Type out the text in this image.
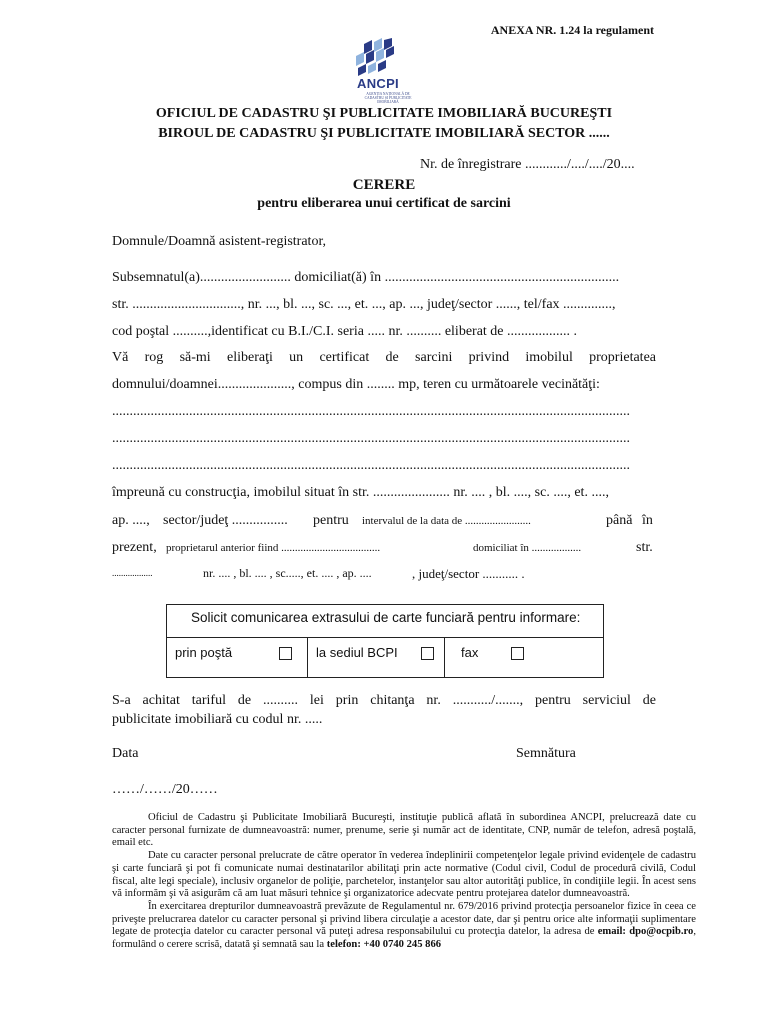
ANEXA NR. 1.24 la regulament
ANCPI
AGENȚIA NAȚIONALĂ DE CADASTRU ȘI PUBLICITATE IMOBILIARĂ
OFICIUL DE CADASTRU ŞI PUBLICITATE IMOBILIARĂ BUCUREŞTI
BIROUL DE CADASTRU ŞI PUBLICITATE IMOBILIARĂ SECTOR ......
Nr. de înregistrare ............/..../..../20....
CERERE
pentru eliberarea unui certificat de sarcini
Domnule/Doamnă asistent-registrator,
Subsemnatul(a).......................... domiciliat(ă) în ...................................................................
str. ..............................., nr. ..., bl. ..., sc. ..., et. ..., ap. ..., judeţ/sector ......, tel/fax ..............,
cod poştal ..........,identificat cu B.I./C.I. seria ..... nr. .......... eliberat de .................. .
Vă rog să-mi eliberaţi un certificat de sarcini privind imobilul proprietatea
domnului/doamnei....................., compus din ........ mp, teren cu următoarele vecinătăţi:
....................................................................................................................................................
....................................................................................................................................................
....................................................................................................................................................
împreună cu construcţia, imobilul situat în str. ...................... nr. .... , bl. ...., sc. ...., et. ....,
ap. ...., sector/judeţ ................ pentru intervalul de la data de ........................	până în
prezent, proprietarul anterior fiind ....................................	domiciliat în ..................	str.
..................	nr. .... , bl. .... , sc....., et. .... , ap. ....	, judeţ/sector ........... .
Solicit comunicarea extrasului de carte funciară pentru informare:
prin poştă	la sediul BCPI	fax
S-a achitat tariful de .......... lei prin chitanţa nr. .........../......., pentru serviciul de
publicitate imobiliară cu codul nr. .....
Data	Semnătura
……/……/20……

Oficiul de Cadastru şi Publicitate Imobiliară Bucureşti, instituţie publică aflată în subordinea ANCPI, prelucrează date cu caracter personal furnizate de dumneavoastră: numer, prenume, serie şi număr act de identitate, CNP, număr de telefon, adresă poştală, email etc.

Date cu caracter personal prelucrate de către operator în vederea îndeplinirii competenţelor legale privind evidenţele de cadastru şi carte funciară şi pot fi comunicate numai destinatarilor abilitaţi prin acte normative (Codul civil, Codul de procedură civilă, Codul fiscal, alte legi speciale), inclusiv organelor de poliţie, parchetelor, instanţelor sau altor autorităţi publice, în condiţiile legii. În acest sens vă informăm şi vă asigurăm că am luat măsuri tehnice şi organizatorice adecvate pentru protejarea datelor dumneavoastră.

În exercitarea drepturilor dumneavoastră prevăzute de Regulamentul nr. 679/2016 privind protecţia persoanelor fizice în ceea ce priveşte prelucrarea datelor cu caracter personal şi privind libera circulaţie a acestor date, dar şi pentru orice alte informaţii suplimentare legate de protecţia datelor cu caracter personal vă puteţi adresa responsabilului cu protecţia datelor, la adresa de email: dpo@ocpib.ro, formulând o cerere scrisă, datată şi semnată sau la telefon: +40 0740 245 866
